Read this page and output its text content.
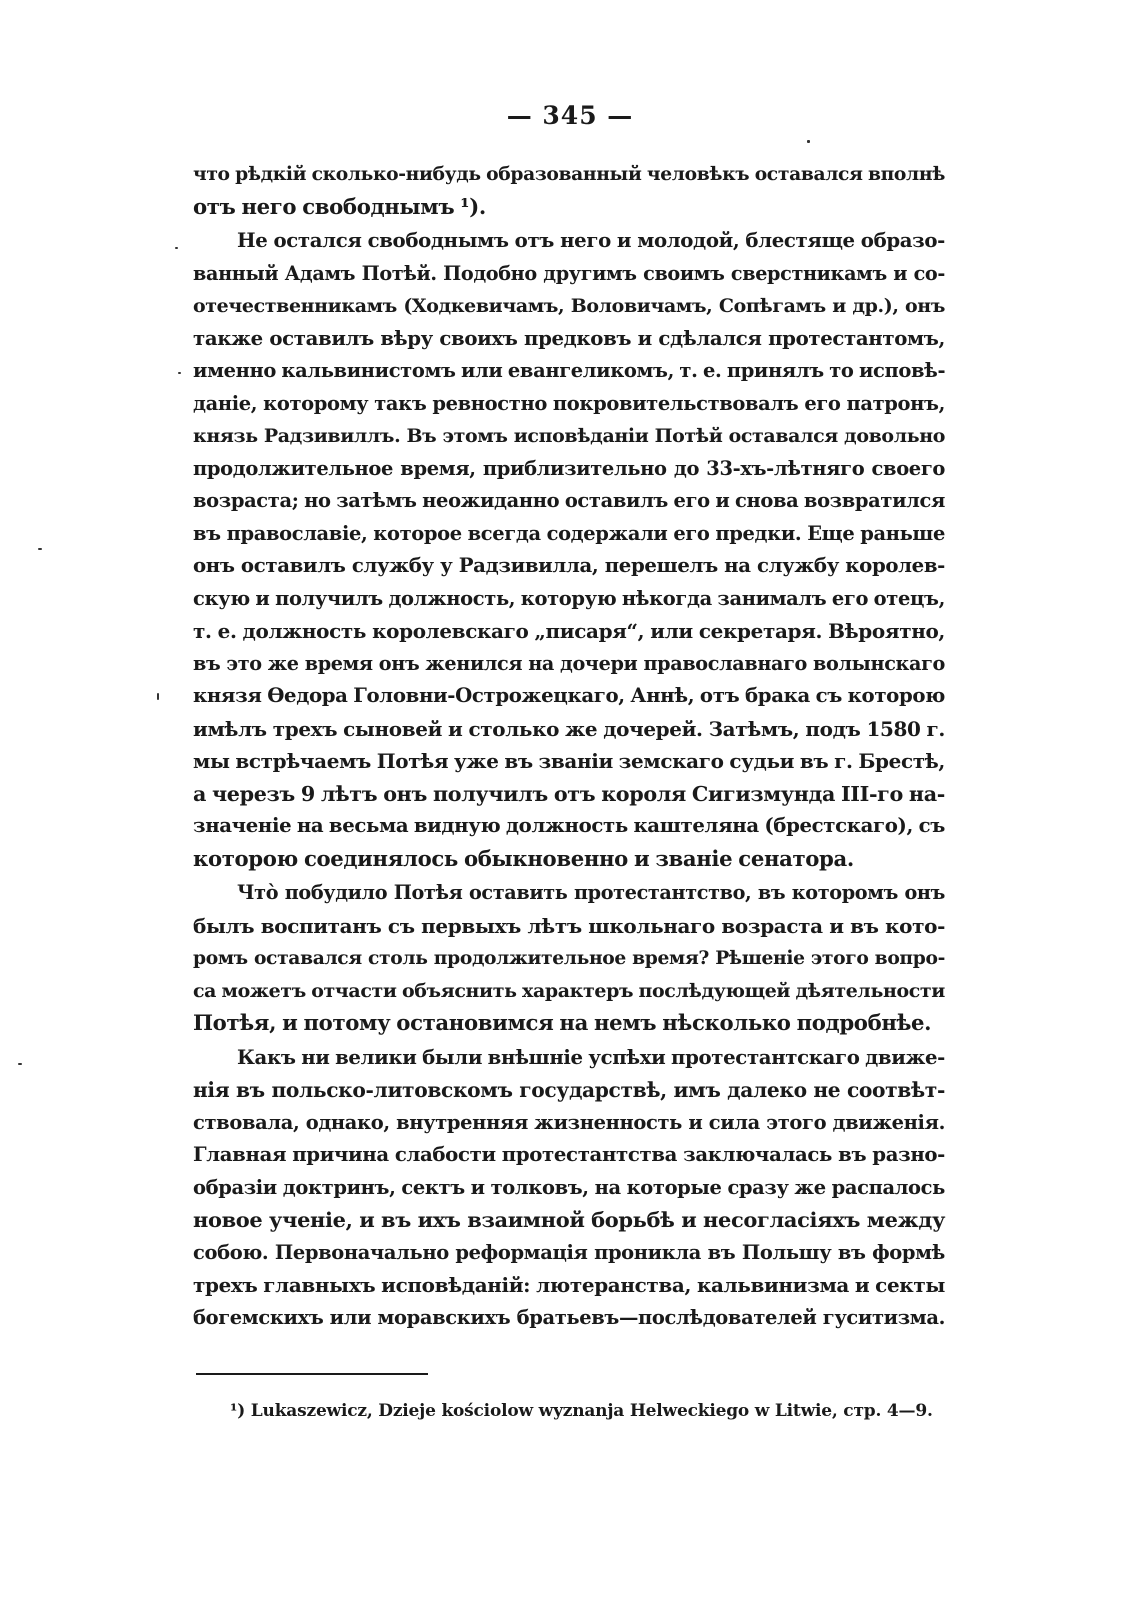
— 345 —
что рѣдкій сколько-нибудь образованный человѣкъ оставался вполнѣ
отъ него свободнымъ ¹).
Не остался свободнымъ отъ него и молодой, блестяще образо-
ванный Адамъ Потѣй. Подобно другимъ своимъ сверстникамъ и со-
отечественникамъ (Ходкевичамъ, Воловичамъ, Сопѣгамъ и др.), онъ
также оставилъ вѣру своихъ предковъ и сдѣлался протестантомъ,
именно кальвинистомъ или евангеликомъ, т. е. принялъ то исповѣ-
даніе, которому такъ ревностно покровительствовалъ его патронъ,
князь Радзивиллъ. Въ этомъ исповѣданіи Потѣй оставался довольно
продолжительное время, приблизительно до 33-хъ-лѣтняго своего
возраста; но затѣмъ неожиданно оставилъ его и снова возвратился
въ православіе, которое всегда содержали его предки. Еще раньше
онъ оставилъ службу у Радзивилла, перешелъ на службу королев-
скую и получилъ должность, которую нѣкогда занималъ его отецъ,
т. е. должность королевскаго „писаря“, или секретаря. Вѣроятно,
въ это же время онъ женился на дочери православнаго волынскаго
князя Ѳедора Головни-Острожецкаго, Аннѣ, отъ брака съ которою
имѣлъ трехъ сыновей и столько же дочерей. Затѣмъ, подъ 1580 г.
мы встрѣчаемъ Потѣя уже въ званіи земскаго судьи въ г. Брестѣ,
а черезъ 9 лѣтъ онъ получилъ отъ короля Сигизмунда III-го на-
значеніе на весьма видную должность каштеляна (брестскаго), съ
которою соединялось обыкновенно и званіе сенатора.
Чтò побудило Потѣя оставить протестантство, въ которомъ онъ
былъ воспитанъ съ первыхъ лѣтъ школьнаго возраста и въ кото-
ромъ оставался столь продолжительное время? Рѣшеніе этого вопро-
са можетъ отчасти объяснить характеръ послѣдующей дѣятельности
Потѣя, и потому остановимся на немъ нѣсколько подробнѣе.
Какъ ни велики были внѣшніе успѣхи протестантскаго движе-
нія въ польско-литовскомъ государствѣ, имъ далеко не соотвѣт-
ствовала, однако, внутренняя жизненность и сила этого движенія.
Главная причина слабости протестантства заключалась въ разно-
образіи доктринъ, сектъ и толковъ, на которые сразу же распалось
новое ученіе, и въ ихъ взаимной борьбѣ и несогласіяхъ между
собою. Первоначально реформація проникла въ Польшу въ формѣ
трехъ главныхъ исповѣданій: лютеранства, кальвинизма и секты
богемскихъ или моравскихъ братьевъ—послѣдователей гуситизма.
¹) Lukaszewicz, Dzieje kościolow wyznanja Helweckiego w Litwie, стр. 4—9.
